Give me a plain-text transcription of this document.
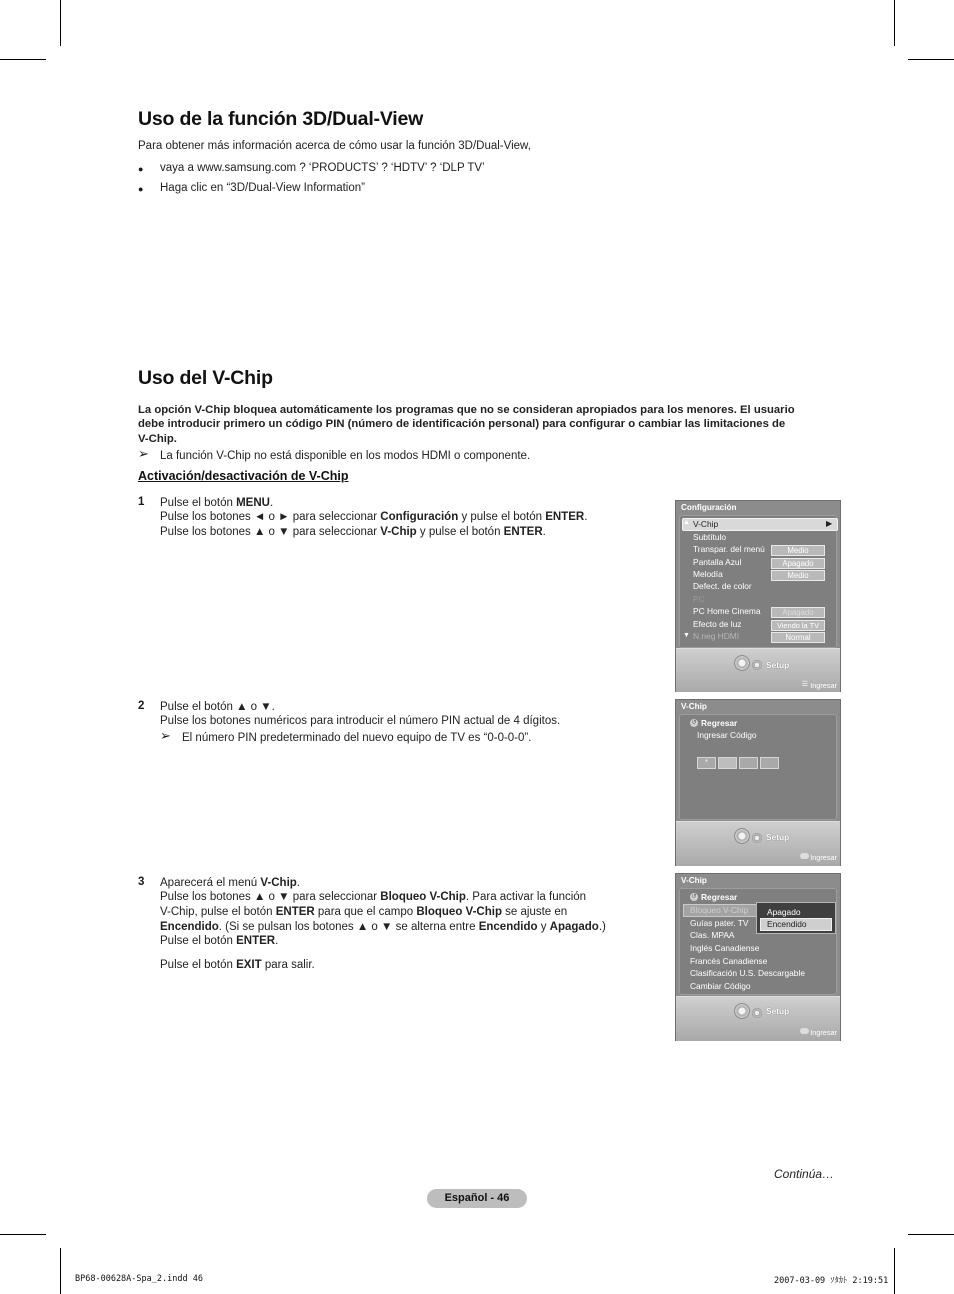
Uso de la función 3D/Dual-View
Para obtener más información acerca de cómo usar la función 3D/Dual-View,
● vaya a www.samsung.com ? ‘PRODUCTS’ ? ‘HDTV’ ? ‘DLP TV’
● Haga clic en “3D/Dual-View Information”
Uso del V-Chip
La opción V-Chip bloquea automáticamente los programas que no se consideran apropiados para los menores. El usuario
debe introducir primero un código PIN (número de identificación personal) para configurar o cambiar las limitaciones de
V-Chip.
➢ La función V-Chip no está disponible en los modos HDMI o componente.
Activación/desactivación de V-Chip
1 Pulse el botón MENU.
Pulse los botones ◄ o ► para seleccionar Configuración y pulse el botón ENTER.
Pulse los botones ▲ o ▼ para seleccionar V-Chip y pulse el botón ENTER.
2 Pulse el botón ▲ o ▼.
Pulse los botones numéricos para introducir el número PIN actual de 4 dígitos.
➢ El número PIN predeterminado del nuevo equipo de TV es “0-0-0-0”.
3 Aparecerá el menú V-Chip.
Pulse los botones ▲ o ▼ para seleccionar Bloqueo V-Chip. Para activar la función
V-Chip, pulse el botón ENTER para que el campo Bloqueo V-Chip se ajuste en
Encendido. (Si se pulsan los botones ▲ o ▼ se alterna entre Encendido y Apagado.)
Pulse el botón ENTER.
Pulse el botón EXIT para salir.
Configuración
▲	▶
V-Chip
Subtítulo
Transpar. del menú	Medio
Pantalla Azul	Apagado
Melodía	Medio
Defect. de color
PC
PC Home Cinema	Apagado
Efecto de luz	Viendo la TV
▼ N.neg HDMI	Normal
Setup
☰ Ingresar
V-Chip
↺ Regresar
Ingresar Código
*
Setup
Ingresar
V-Chip
↺ Regresar
Bloqueo V-Chip
Guías pater. TV
Clas. MPAA
Inglés Canadiense
Francés Canadiense
Clasificación U.S. Descargable
Cambiar Código
Apagado
Encendido
Setup
Ingresar
Continúa…
Español - 46
BP68-00628A-Spa_2.indd 46	2007-03-09 ｿﾀｶﾄ 2:19:51
